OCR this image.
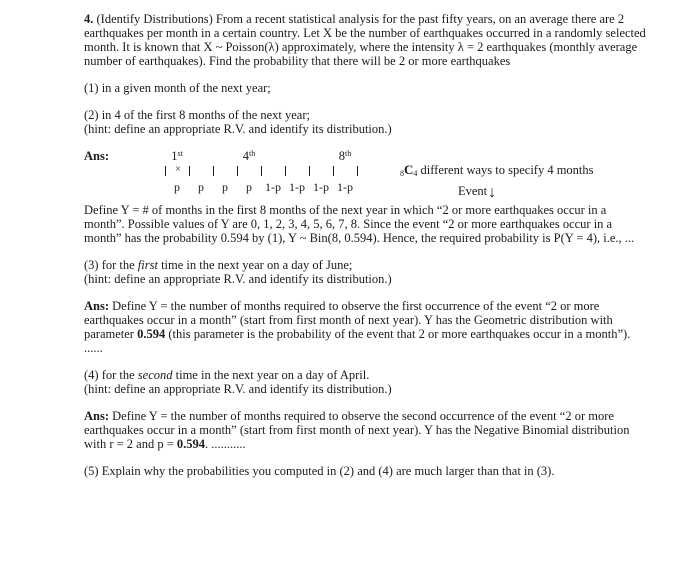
4. (Identify Distributions) From a recent statistical analysis for the past fifty years, on an average there are 2 earthquakes per month in a certain country. Let X be the number of earthquakes occurred in a randomly selected month. It is known that X ~ Poisson(λ) approximately, where the intensity λ = 2 earthquakes (monthly average number of earthquakes). Find the probability that there will be 2 or more earthquakes

(1) in a given month of the next year;

(2) in 4 of the first 8 months of the next year;
(hint: define an appropriate R.V. and identify its distribution.)

Ans:	1st	4th	8th
×
p	p	p	p	1-p 1-p 1-p 1-p
$_8C_4$ different ways to specify 4 months
Event↓

Define Y = # of months in the first 8 months of the next year in which “2 or more earthquakes occur in a month”. Possible values of Y are 0, 1, 2, 3, 4, 5, 6, 7, 8. Since the event “2 or more earthquakes occur in a month” has the probability 0.594 by (1), Y ~ Bin(8, 0.594). Hence, the required probability is P(Y = 4), i.e., ...

(3) for the first time in the next year on a day of June;
(hint: define an appropriate R.V. and identify its distribution.)

Ans: Define Y = the number of months required to observe the first occurrence of the event “2 or more earthquakes occur in a month” (start from first month of next year). Y has the Geometric distribution with parameter 0.594 (this parameter is the probability of the event that 2 or more earthquakes occur in a month”). ......

(4) for the second time in the next year on a day of April.
(hint: define an appropriate R.V. and identify its distribution.)

Ans: Define Y = the number of months required to observe the second occurrence of the event “2 or more earthquakes occur in a month” (start from first month of next year). Y has the Negative Binomial distribution with r = 2 and p = 0.594. ...........

(5) Explain why the probabilities you computed in (2) and (4) are much larger than that in (3).
